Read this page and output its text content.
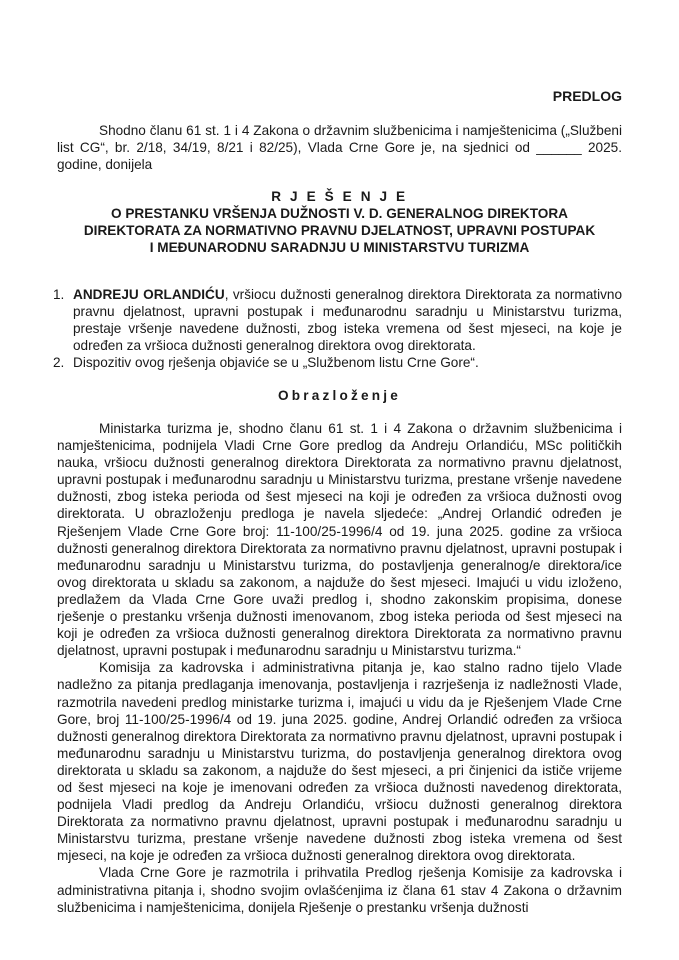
PREDLOG

Shodno članu 61 st. 1 i 4 Zakona o državnim službenicima i namještenicima („Službeni list CG“, br. 2/18, 34/19, 8/21 i 82/25), Vlada Crne Gore je, na sjednici od ______ 2025. godine, donijela

R J E Š E N J E
O PRESTANKU VRŠENJA DUŽNOSTI V. D. GENERALNOG DIREKTORA
DIREKTORATA ZA NORMATIVNO PRAVNU DJELATNOST, UPRAVNI POSTUPAK
I MEĐUNARODNU SARADNJU U MINISTARSTVU TURIZMA
1. ANDREJU ORLANDIĆU, vršiocu dužnosti generalnog direktora Direktorata za normativno pravnu djelatnost, upravni postupak i međunarodnu saradnju u Ministarstvu turizma, prestaje vršenje navedene dužnosti, zbog isteka vremena od šest mjeseci, na koje je određen za vršioca dužnosti generalnog direktora ovog direktorata.
2. Dispozitiv ovog rješenja objaviće se u „Službenom listu Crne Gore“.
Obrazloženje

Ministarka turizma je, shodno članu 61 st. 1 i 4 Zakona o državnim službenicima i namještenicima, podnijela Vladi Crne Gore predlog da Andreju Orlandiću, MSc političkih nauka, vršiocu dužnosti generalnog direktora Direktorata za normativno pravnu djelatnost, upravni postupak i međunarodnu saradnju u Ministarstvu turizma, prestane vršenje navedene dužnosti, zbog isteka perioda od šest mjeseci na koji je određen za vršioca dužnosti ovog direktorata. U obrazloženju predloga je navela sljedeće: „Andrej Orlandić određen je Rješenjem Vlade Crne Gore broj: 11-100/25-1996/4 od 19. juna 2025. godine za vršioca dužnosti generalnog direktora Direktorata za normativno pravnu djelatnost, upravni postupak i međunarodnu saradnju u Ministarstvu turizma, do postavljenja generalnog/e direktora/ice ovog direktorata u skladu sa zakonom, a najduže do šest mjeseci. Imajući u vidu izloženo, predlažem da Vlada Crne Gore uvaži predlog i, shodno zakonskim propisima, donese rješenje o prestanku vršenja dužnosti imenovanom, zbog isteka perioda od šest mjeseci na koji je određen za vršioca dužnosti generalnog direktora Direktorata za normativno pravnu djelatnost, upravni postupak i međunarodnu saradnju u Ministarstvu turizma.“

Komisija za kadrovska i administrativna pitanja je, kao stalno radno tijelo Vlade nadležno za pitanja predlaganja imenovanja, postavljenja i razrješenja iz nadležnosti Vlade, razmotrila navedeni predlog ministarke turizma i, imajući u vidu da je Rješenjem Vlade Crne Gore, broj 11-100/25-1996/4 od 19. juna 2025. godine, Andrej Orlandić određen za vršioca dužnosti generalnog direktora Direktorata za normativno pravnu djelatnost, upravni postupak i međunarodnu saradnju u Ministarstvu turizma, do postavljenja generalnog direktora ovog direktorata u skladu sa zakonom, a najduže do šest mjeseci, a pri činjenici da ističe vrijeme od šest mjeseci na koje je imenovani određen za vršioca dužnosti navedenog direktorata, podnijela Vladi predlog da Andreju Orlandiću, vršiocu dužnosti generalnog direktora Direktorata za normativno pravnu djelatnost, upravni postupak i međunarodnu saradnju u Ministarstvu turizma, prestane vršenje navedene dužnosti zbog isteka vremena od šest mjeseci, na koje je određen za vršioca dužnosti generalnog direktora ovog direktorata.

Vlada Crne Gore je razmotrila i prihvatila Predlog rješenja Komisije za kadrovska i administrativna pitanja i, shodno svojim ovlašćenjima iz člana 61 stav 4 Zakona o državnim službenicima i namještenicima, donijela Rješenje o prestanku vršenja dužnosti
